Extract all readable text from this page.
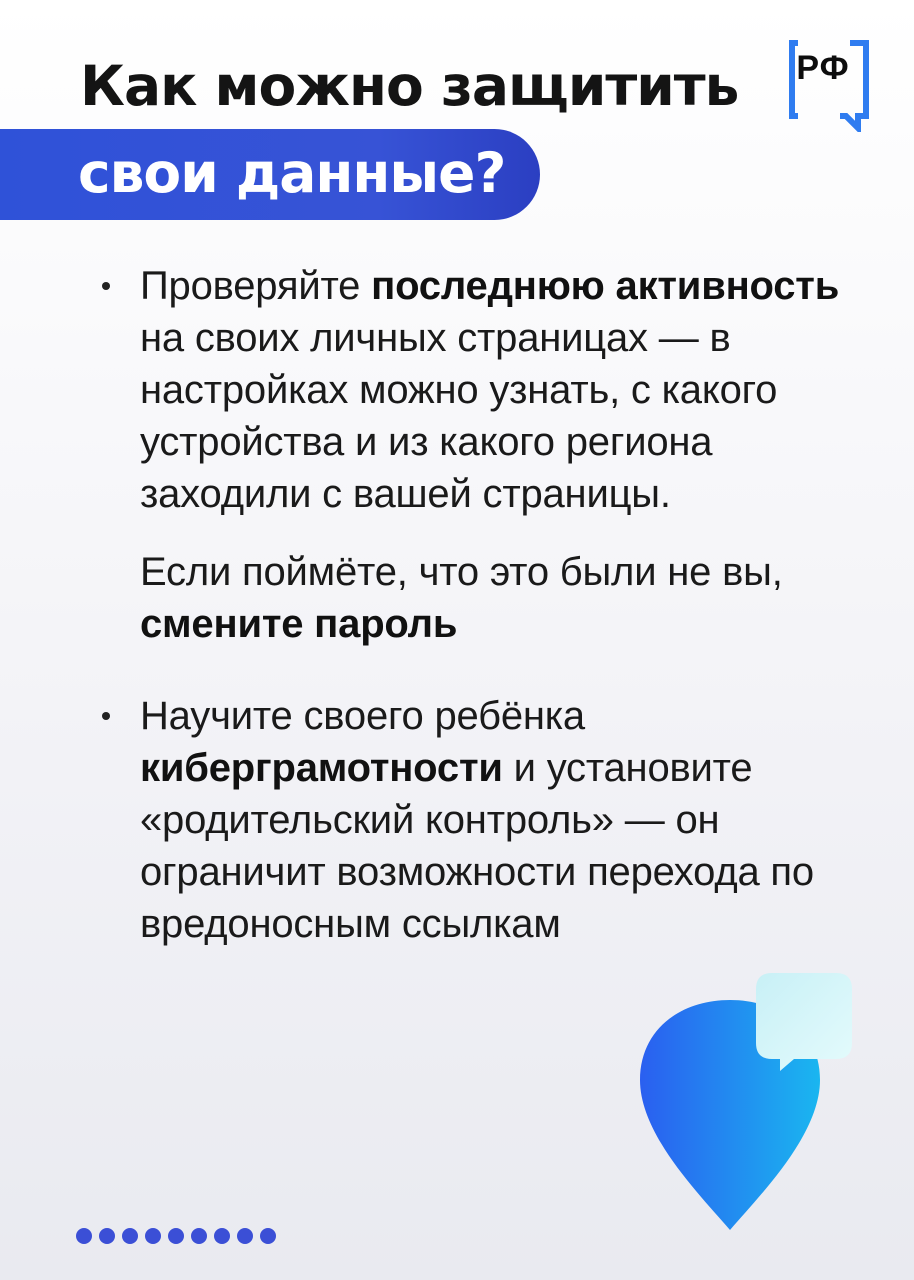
Как можно защитить
свои данные?
РФ

Проверяйте последнюю активность на своих личных страницах — в настройках можно узнать, с какого устройства и из какого региона заходили с вашей страницы.

Если поймёте, что это были не вы, смените пароль

Научите своего ребёнка киберграмотности и установите «родительский контроль» — он ограничит возможности перехода по вредоносным ссылкам
